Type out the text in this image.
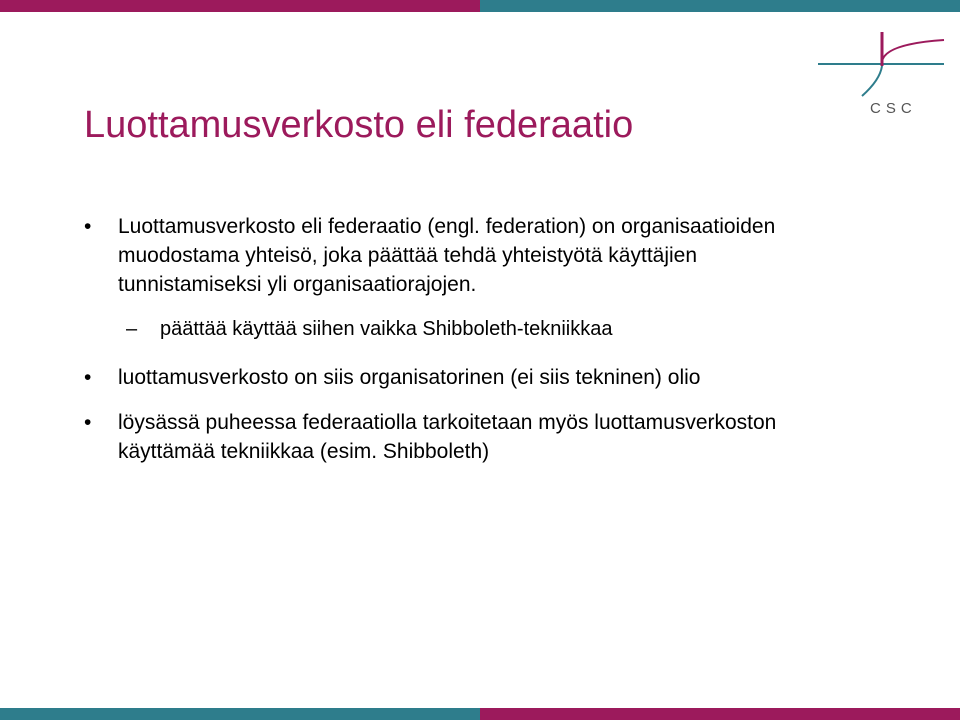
CSC
Luottamusverkosto eli federaatio
• Luottamusverkosto eli federaatio (engl. federation) on organisaatioiden muodostama yhteisö, joka päättää tehdä yhteistyötä käyttäjien tunnistamiseksi yli organisaatiorajojen.
– päättää käyttää siihen vaikka Shibboleth-tekniikkaa
• luottamusverkosto on siis organisatorinen (ei siis tekninen) olio
• löysässä puheessa federaatiolla tarkoitetaan myös luottamusverkoston käyttämää tekniikkaa (esim. Shibboleth)
